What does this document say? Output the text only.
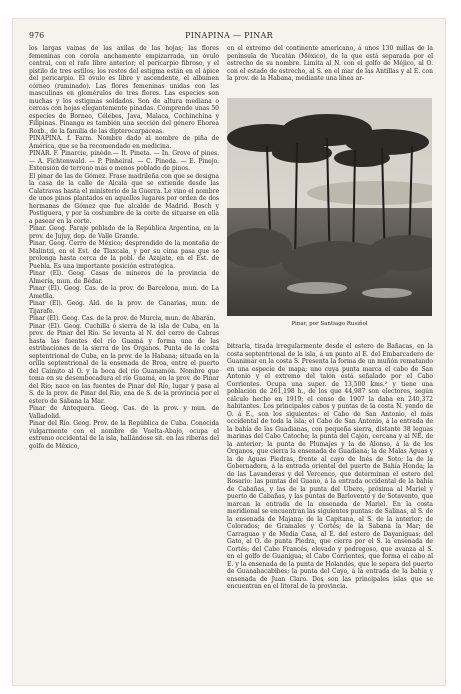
PINAPINA — PINAR
976

los largas vainas de las axilas de las hojas; las flores femeninas con corola anchamente empizarrada, un óvulo central, con el rafe libre anterior; el pericarpio fibroso, y el pistilo de tres estilos; los restos del estigma están en el ápice del pericarpio. El óvulo es libre y ascendente, el albumen córneo (ruminado). Las flores femeninas unidas con las masculinas en glomérulos de tres flores. Las especies son muchas y los estigmas soldados. Son de altura mediana o cercas con hojas elegantemente pinadas. Comprende unas 50 especies de Borneo, Célebes, Java, Malaca, Cochinchina y Filipinas. Pinanga es también una sección del género Ehorea Roxb., de la familia de las dipterocarpáceas.

PINAPINA. f. Farm. Nombre dado al nombre de piña de América, que se ha recomendado en medicina.

PINAR. F. Pinarcie, pinède.— It. Pineta. — In. Grove of pines. — A. Fichtenwald. — P. Pinheiral. — C. Pineda. — E. Pinejo. Extensión de terreno más o menos poblado de pinos.

El pinar de las de Gómez. Frase madrileña con que se designa la casa de la calle de Alcalá que se extiende desde las Calatravas hasta el ministerio de la Guerra. Le vino el nombre de unos pinos plantados en aquellos lugares por orden de dos hermanas de Gómez que fue alcalde de Madrid. Bosch y Postiguera, y por la costumbre de la corte de situarse en ella a pasear en la corte.

Pinar. Geog. Paraje poblado de la República Argentina, en la prov. de Jujuy, dep. de Valle Grande.

Pinar. Geog. Cerro de México; desprendido de la montaña de Malintzi, en el Est. de Tlaxcala, y por su cima pasa que se prolonga hasta cerca de la pobl. de Azajate, en el Est. de Puebla. Es una importante posición estratégica.

Pinar (El). Geog. Casas de mineros de la provincia de Almería, mun. de Bédar.

Pinar (El). Geog. Cas. de la prov. de Barcelona, mun. de La Ametlla.

Pinar (El). Geog. Ald. de la prov. de Canarias, mun. de Tijarafe.

Pinar (El). Geog. Cas. de la prov. de Murcia, mun. de Abarán.

Pinar (El). Geog. Cuchilla ó sierra de la isla de Cuba, en la prov. de Pinar del Río. Se levanta al N. del cerro de Cabras hasta las fuentes del río Guamá y forma una de las estribaciones de la sierra de los Órganos. Punta de la costa septentrional de Cuba, en la prov. de la Habana; situada en la orilla septentrional de la ensenada de Broa, entre el puerto del Caimito al O. y la boca del río Guanamón. Nombre que toma en su desembocadura el río Guamá, en la prov. de Pinar del Río; nace en las fuentes de Pinar del Río, lugar y pasa al S. de la prov. de Pinar del Río, ena de S. de la provincia por el estero de Sábana la Mar.

Pinar de Antequera. Geog. Cas. de la prov. y mun. de Valladolid.

Pinar del Río. Geog. Prov. de la República de Cuba. Conocida vulgarmente con el nombre de Vuelta-Abajo, ocupa el extremo occidental de la isla, hallándose sit. en las riberas del golfo de México,

en el extremo del continente americano, á unos 130 millas de la península de Yucatán (México), de la que está separada por el estrecho de su nombre. Limita al N. con el golfo de Méjico, al O. con el estado de estrecho, al S. en el mar de las Antillas y al E. con la prov. de la Habana, mediante una línea ar-

Pinar, por Santiago Rusiñol

bitraria, tirada irregularmente desde el estero de Bañacas, en la costa septentrional de la isla, á un punto al E. del Embarcadero de Guanimar en la costa S. Presenta la forma de un muñón rematando en una especie de mapa; uno cuya punta marca el cabo de San Antonio y el extremo del talón está señalado por el Cabo Corrientes. Ocupa una super. de 13,500 kms.² y tiene una población de 261,198 h., de los que 44,987 son electores, según cálculo hecho en 1919; el censo de 1907 la daba en 240,372 habitantes. Los principales cabos y puntas de la costa N. yendo de O. á E., son los siguientes: el Cabo de San Antonio, el más occidental de toda la isla; el Cabo de San Antonio, á la entrada de la bahía de las Guadianas, con pequeña sierra, distante 38 leguas marinas del Cabo Catoche; la punta del Cajón, cercana y al NE. de la anterior; la punta de Plumajes y la de Alonso, á la de los Órganos, que cierra la ensenada de Guadiana; la de Malas Aguas y la de Aguas Piedras, frente al cayo de Inés de Soto; la de la Gobernadora, á la entrada oriental del puerto de Bahía Honda; la de las Lavanderas y del Vercenco, que determinan el estero del Rosario: las puntas del Guano, á la entrada occidental de la bahía de Cabañas, y las de la punta del Ubero, próxima al Mariel y puerto de Cabañas, y las puntas de Barlovento y de Sotavento, que marcan la entrada de la ensenada de Mariel. En la costa meridional se encuentran las siguientes puntas: de Salinas, al S. de la ensenada de Majana; de la Capitana, al S. de la anterior; de Colorados; de Gramales y Cortés; de la Sabana la Mar; de Carraguao y de Media Casa, al E. del estero de Dayaniguas; del Gato, al O. de punta Piedra, que cierra por el S. la ensenada de Cortés; del Cabo Francés, elevado y pedregoso, que avanza al S. en el golfo de Guanigua; el Cabo Corrientes, que forma el cabo al E. y la ensenada de la punta de Holandés, que le separa del puerto de Guanahacabibes; la punta del Cayo, á la entrada de la bahía y ensenada de Juan Claro. Dos son las principales islas que se encuentran en el litoral de la provincia.
